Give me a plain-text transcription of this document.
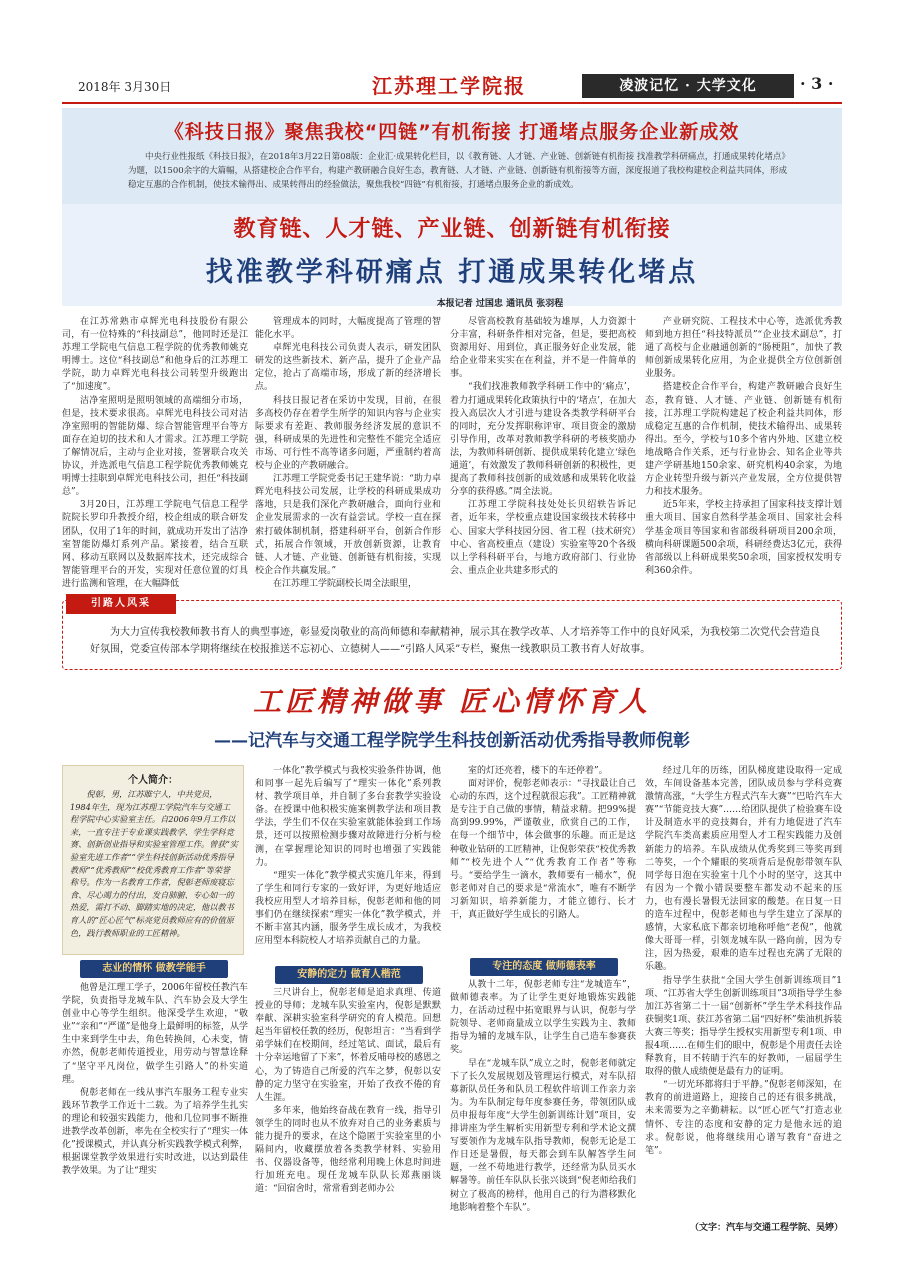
2018年 3月30日	江苏理工学院报	凌波记忆 · 大学文化	· 3 ·
《科技日报》聚焦我校“四链”有机衔接 打通堵点服务企业新成效
中央行业性报纸《科技日报》，在2018年3月22日第08版：企业汇·成果转化栏目，以《教育链、人才链、产业链、创新链有机衔接 找准教学科研痛点，打通成果转化堵点》为题，以1500余字的大篇幅，从搭建校企合作平台，构建产教研融合良好生态，教育链、人才链、产业链、创新链有机衔接等方面，深度报道了我校构建校企利益共同体，形成稳定互惠的合作机制，使技术输得出、成果转得出的经验做法，聚焦我校“四链”有机衔接，打通堵点服务企业的新成效。
教育链、人才链、产业链、创新链有机衔接
找准教学科研痛点 打通成果转化堵点
本报记者 过国忠 通讯员 张羽程

在江苏常熟市卓辉光电科技股份有限公司，有一位特殊的“科技副总”，他同时还是江苏理工学院电气信息工程学院的优秀教师姚克明博士。这位“科技副总”和他身后的江苏理工学院，助力卓辉光电科技公司转型升级跑出了“加速度”。

洁净室照明是照明领域的高端细分市场，但是，技术要求很高。卓辉光电科技公司对洁净室照明的智能防爆、综合智能管理平台等方面存在迫切的技术和人才需求。江苏理工学院了解情况后，主动与企业对接，签署联合攻关协议，并选派电气信息工程学院优秀教师姚克明博士挂职到卓辉光电科技公司，担任“科技副总”。

3月20日，江苏理工学院电气信息工程学院院长罗印升教授介绍，校企组成的联合研发团队，仅用了1年的时间，就成功开发出了洁净室智能防爆灯系列产品。紧接着，结合互联网、移动互联网以及数据库技术，还完成综合智能管理平台的开发，实现对任意位置的灯具进行监测和管理，在大幅降低

管理成本的同时，大幅度提高了管理的智能化水平。

卓辉光电科技公司负责人表示，研发团队研发的这些新技术、新产品，提升了企业产品定位，抢占了高端市场，形成了新的经济增长点。

科技日报记者在采访中发现，目前，在很多高校仍存在着学生所学的知识内容与企业实际要求有差距、教师服务经济发展的意识不强，科研成果的先进性和完整性不能完全适应市场、可行性不高等诸多问题，严重制约着高校与企业的产教研融合。

江苏理工学院党委书记王建华说：“助力卓辉光电科技公司发展，让学校的科研成果成功落地，只是我们深化产教研融合，面向行业和企业发展需求的一次有益尝试。学校一直在探索打破体制机制，搭建科研平台，创新合作形式，拓展合作领域，开放创新资源，让教育链、人才链、产业链、创新链有机衔接，实现校企合作共赢发展。”

在江苏理工学院副校长周全法眼里，

尽管高校教育基础较为雄厚，人力资源十分丰富，科研条件相对完备，但是，要把高校资源用好、用到位，真正服务好企业发展，能给企业带来实实在在利益，并不是一件简单的事。

“我们找准教师教学科研工作中的‘痛点’，着力打通成果转化政策执行中的‘堵点’，在加大投入高层次人才引进与建设各类教学科研平台的同时，充分发挥职称评审、项目资金的激励引导作用，改革对教师教学科研的考核奖励办法，为教师科研创新、提供成果转化建立‘绿色通道’，有效激发了教师科研创新的积极性，更提高了教师科技创新的成效感和成果转化收益分享的获得感。”周全法说。

江苏理工学院科技处处长贝绍轶告诉记者，近年来，学校重点建设国家级技术转移中心、国家大学科技园分园、省工程（技术研究）中心、省高校重点（建设）实验室等20个各级以上学科科研平台，与地方政府部门、行业协会、重点企业共建多形式的

产业研究院、工程技术中心等，选派优秀教师到地方担任“科技特派员”“企业技术副总”，打通了高校与企业融通创新的“肠梗阻”，加快了教师创新成果转化应用，为企业提供全方位创新创业服务。

搭建校企合作平台，构建产教研融合良好生态，教育链、人才链、产业链、创新链有机衔接，江苏理工学院构建起了校企利益共同体，形成稳定互惠的合作机制，使技术输得出、成果转得出。至今，学校与10多个省内外地、区建立校地战略合作关系，还与行业协会、知名企业等共建产学研基地150余家、研究机构40余家，为地方企业转型升级与新兴产业发展，全方位提供智力和技术服务。

近5年来，学校主持承担了国家科技支撑计划重大项目、国家自然科学基金项目、国家社会科学基金项目等国家和省部级科研项目200余项，横向科研课题500余项，科研经费达3亿元，获得省部级以上科研成果奖50余项，国家授权发明专利360余件。

引路人风采
为大力宣传我校教师教书育人的典型事迹，彰显爱岗敬业的高尚师德和奉献精神，展示其在教学改革、人才培养等工作中的良好风采，为我校第二次党代会营造良好氛围，党委宣传部本学期将继续在校报推送不忘初心、立德树人——“引路人风采”专栏，聚焦一线教职员工教书育人好故事。
工匠精神做事 匠心情怀育人
——记汽车与交通工程学院学生科技创新活动优秀指导教师倪彰
个人简介：
倪彰，男，江苏睢宁人，中共党员，1984年生，现为江苏理工学院汽车与交通工程学院中心实验室主任。自2006年9月工作以来，一直专注于专业课实践教学、学生学科竞赛、创新创业指导和实验室管理工作。曾获“实验室先进工作者”“学生科技创新活动优秀指导教师”“优秀教师”“校优秀教育工作者”等荣誉称号。作为一名教育工作者，倪彰老师废寝忘食、尽心竭力的付出，发自肺腑、专心如一的热爱，需打不动、脚踏实地的决定，他以教书育人的“匠心匠气”标亮党员教师应有的价值原色，践行教师职业的工匠精神。
志业的情怀 做教学能手

他曾是江理工学子，2006年留校任教汽车学院，负责指导龙城车队、汽车协会及大学生创业中心等学生组织。他深受学生欢迎，“敬业”“亲和”“严谨”是他身上最鲜明的标签，从学生中来到学生中去，角色转换间，心未变，情亦然，倪彰老师传道授业，用劳动与智慧诠释了“坚守平凡岗位，做学生引路人”的朴实道理。

倪彰老师在一线从事汽车服务工程专业实践环节教学工作近十二载。为了培养学生扎实的理论和较强实践能力，他和几位同事不断推进教学改革创新，率先在全校实行了“理实一体化”授课模式，并认真分析实践教学模式利弊，根据课堂教学效果进行实时改进，以达到最佳教学效果。为了让“理实

一体化”教学模式与我校实验条件协调，他和同事一起先后编写了“理实一体化”系列教材、教学项目单，并自制了多台套教学实验设备。在授课中他积极实施案例教学法和项目教学法，学生们不仅在实验室就能体验到工作场景，还可以按照检测步骤对故障进行分析与检测，在掌握理论知识的同时也增强了实践能力。

“理实一体化”教学模式实施几年来，得到了学生和同行专家的一致好评，为更好地适应我校应用型人才培养目标，倪彰老师和他的同事们仍在继续探索“理实一体化”教学模式，并不断丰富其内涵，服务学生成长成才，为我校应用型本科院校人才培养贡献自己的力量。

安静的定力 做育人楷范

三尺讲台上，倪彰老师是追求真理、传道授业的导师；龙城车队实验室内，倪彰是默默奉献、深耕实验室科学研究的育人模范。回想起当年留校任教的经历，倪彰坦言：“当看到学弟学妹们在校期间，经过笔试、面试，最后有十分幸运地留了下来”，怀着反哺母校的感恩之心，为了铸造自己所爱的汽车之梦，倪彰以安静的定力坚守在实验室，开始了孜孜不倦的育人生涯。

多年来，他始终奋战在教育一线，指导引领学生的同时也从不放弃对自己的业务素质与能力提升的要求，在这个隐匿于实验室里的小隔间内，收藏摆放着各类教学材料、实验用书、仪器设备等，他经常利用晚上休息时间进行加班充电。现任龙城车队队长郑燕丽谈道：“回宿舍时，常常看到老师办公

室的灯还亮着，楼下的车还停着”。

面对评价，倪彰老师表示：“寻找最让自己心动的东西，这个过程就很忘我”。工匠精神就是专注于自己做的事情，精益求精。把99%提高到99.99%，严谨敬业，欣赏自己的工作，在每一个细节中，体会做事的乐趣。而正是这种敬业钻研的工匠精神，让倪彰荣获“校优秀教师”“校先进个人”“优秀教育工作者”等称号。“要给学生一滴水，教师要有一桶水”，倪彰老师对自己的要求是“常流水”，唯有不断学习新知识，培养新能力，才能立德行、长才干，真正做好学生成长的引路人。

专注的态度 做师德表率

从教十二年，倪彰老师专注“龙城造车”，做师德表率。为了让学生更好地锻炼实践能力，在活动过程中拓宽眼界与认识，倪彰与学院领导、老师商量成立以学生实践为主、教师指导为辅的龙城车队，让学生自己造车参赛获奖。

早在“龙城车队”成立之时，倪彰老师就定下了长久发展规划及管理运行模式，对车队招募新队员任务和队员工程软件培训工作亲力亲为。为车队制定每年度参赛任务，带领团队成员申报每年度“大学生创新训练计划”项目，安排讲座为学生解析实用新型专利和学术论文撰写要领作为龙城车队指导教师，倪彰无论是工作日还是暑假，每天都会到车队解答学生问题，一丝不苟地进行教学，还经常为队员买水解暑等。前任车队队长张兴谈到“倪老师给我们树立了极高的榜样，他用自己的行为潜移默化地影响着整个车队”。

经过几年的历练，团队梯度建设取得一定成效，车间设备基本完善，团队成员参与学科竞赛激情高涨，“大学生方程式汽车大赛”“巴哈汽车大赛”“节能竞技大赛”……给团队提供了检验赛车设计及制造水平的竞技舞台，并有力地促进了汽车学院汽车类高素质应用型人才工程实践能力及创新能力的培养。车队成绩从优秀奖到三等奖再到二等奖，一个个耀眼的奖项背后是倪彰带领车队同学每日泡在实验室十几个小时的坚守，这其中有因为一个微小错误要整车都发动不起来的压力，也有漫长暑假无法回家的酸楚。在日复一日的造车过程中，倪彰老师也与学生建立了深厚的感情，大家私底下都亲切地称呼他“老倪”，他就像大哥哥一样，引领龙城车队一路向前，因为专注，因为热爱，艰难的造车过程也充满了无限的乐趣。

指导学生获批“全国大学生创新训练项目”1项、“江苏省大学生创新训练项目”3项指导学生参加江苏省第二十一届“创新杯”学生学术科技作品获铜奖1项、获江苏省第二届“四好杯”柴油机拆装大赛三等奖；指导学生授权实用新型专利1项、申报4项……在师生们的眼中，倪彰是个用责任去诠释教育，目不转睛于汽车的好教师，一届届学生取得的傲人成绩便是最有力的证明。

“一切光环都将归于平静。”倪彰老师深知，在教育的前进道路上，迎接自己的还有很多挑战，未来需要为之辛勤耕耘。以“匠心匠气”打造志业情怀、专注的态度和安静的定力是他永远的追求。倪彰说，他将继续用心谱写教育“奋进之笔”。

（文字：汽车与交通工程学院、吴婷）
